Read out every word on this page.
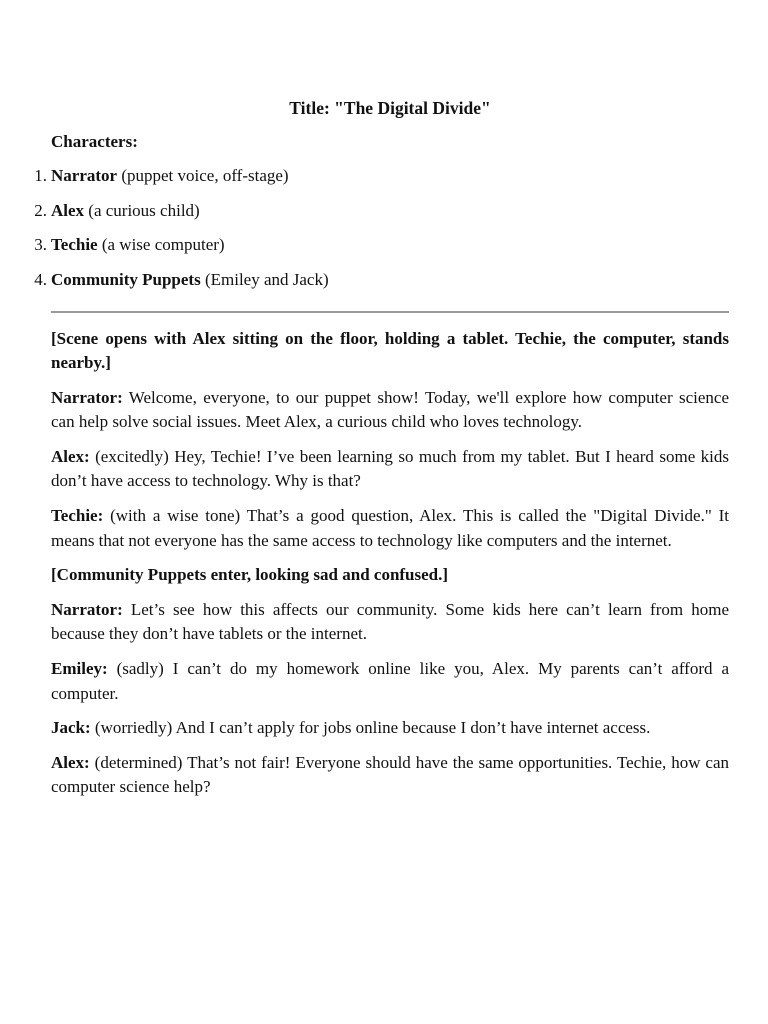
Title: "The Digital Divide"
Characters:
1. Narrator (puppet voice, off-stage)
2. Alex (a curious child)
3. Techie (a wise computer)
4. Community Puppets (Emiley and Jack)

[Scene opens with Alex sitting on the floor, holding a tablet. Techie, the computer, stands nearby.]

Narrator: Welcome, everyone, to our puppet show! Today, we'll explore how computer science can help solve social issues. Meet Alex, a curious child who loves technology.

Alex: (excitedly) Hey, Techie! I’ve been learning so much from my tablet. But I heard some kids don’t have access to technology. Why is that?

Techie: (with a wise tone) That’s a good question, Alex. This is called the "Digital Divide." It means that not everyone has the same access to technology like computers and the internet.

[Community Puppets enter, looking sad and confused.]

Narrator: Let’s see how this affects our community. Some kids here can’t learn from home because they don’t have tablets or the internet.

Emiley: (sadly) I can’t do my homework online like you, Alex. My parents can’t afford a computer.

Jack: (worriedly) And I can’t apply for jobs online because I don’t have internet access.

Alex: (determined) That’s not fair! Everyone should have the same opportunities. Techie, how can computer science help?
